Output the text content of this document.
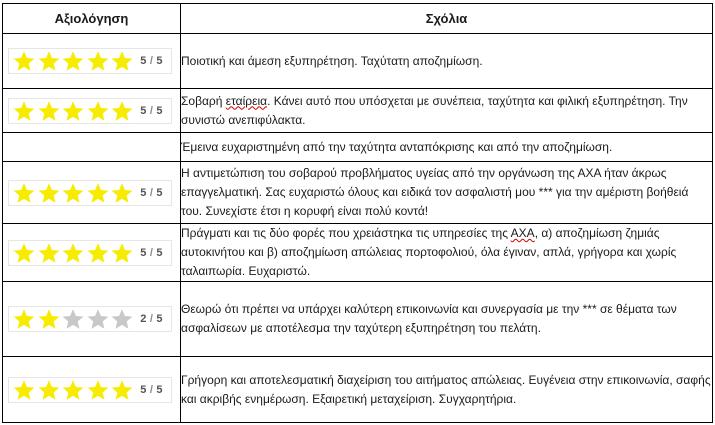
Αξιολόγηση	Σχόλια

5 / 5	Ποιοτική και άμεση εξυπηρέτηση. Ταχύτατη αποζημίωση.

5 / 5	Σοβαρή εταίρεια. Κάνει αυτό που υπόσχεται με συνέπεια, ταχύτητα και φιλική εξυπηρέτηση. Την συνιστώ ανεπιφύλακτα.
	Έμεινα ευχαριστημένη από την ταχύτητα ανταπόκρισης και από την αποζημίωση.

5 / 5	Η αντιμετώπιση του σοβαρού προβλήματος υγείας από την οργάνωση της ΑΧΑ ήταν άκρως επαγγελματική. Σας ευχαριστώ όλους και ειδικά τον ασφαλιστή μου *** για την αμέριστη βοήθειά του. Συνεχίστε έτσι η κορυφή είναι πολύ κοντά!

5 / 5	Πράγματι και τις δύο φορές που χρειάστηκα τις υπηρεσίες της ΑΧΑ, α) αποζημίωση ζημιάς αυτοκινήτου και β) αποζημίωση απώλειας πορτοφολιού, όλα έγιναν, απλά, γρήγορα και χωρίς ταλαιπωρία. Ευχαριστώ.

2 / 5	Θεωρώ ότι πρέπει να υπάρχει καλύτερη επικοινωνία και συνεργασία με την *** σε θέματα των ασφαλίσεων με αποτέλεσμα την ταχύτερη εξυπηρέτηση του πελάτη.

5 / 5	Γρήγορη και αποτελεσματική διαχείριση του αιτήματος απώλειας. Ευγένεια στην επικοινωνία, σαφής και ακριβής ενημέρωση. Εξαιρετική μεταχείριση. Συγχαρητήρια.
